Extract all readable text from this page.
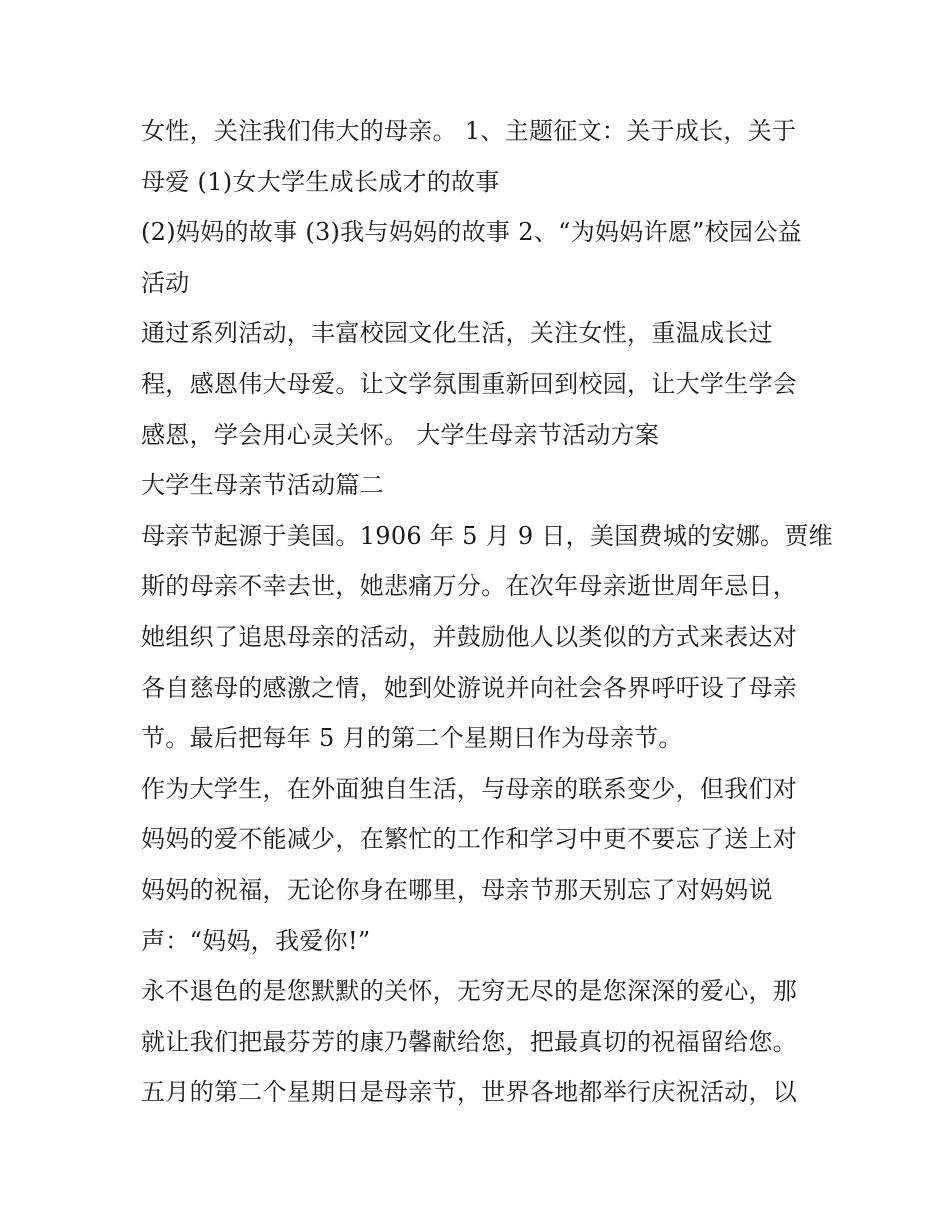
女性，关注我们伟大的母亲。 1、主题征文：关于成长，关于
母爱 (1)女大学生成长成才的故事
(2)妈妈的故事 (3)我与妈妈的故事 2、“为妈妈许愿”校园公益
活动
通过系列活动，丰富校园文化生活，关注女性，重温成长过
程，感恩伟大母爱。让文学氛围重新回到校园，让大学生学会
感恩，学会用心灵关怀。 大学生母亲节活动方案
大学生母亲节活动篇二
母亲节起源于美国。1906 年 5 月 9 日，美国费城的安娜。贾维
斯的母亲不幸去世，她悲痛万分。在次年母亲逝世周年忌日，
她组织了追思母亲的活动，并鼓励他人以类似的方式来表达对
各自慈母的感激之情，她到处游说并向社会各界呼吁设了母亲
节。最后把每年 5 月的第二个星期日作为母亲节。
作为大学生，在外面独自生活，与母亲的联系变少，但我们对
妈妈的爱不能减少，在繁忙的工作和学习中更不要忘了送上对
妈妈的祝福，无论你身在哪里，母亲节那天别忘了对妈妈说
声：“妈妈，我爱你!”
永不退色的是您默默的关怀，无穷无尽的是您深深的爱心，那
就让我们把最芬芳的康乃馨献给您，把最真切的祝福留给您。
五月的第二个星期日是母亲节，世界各地都举行庆祝活动，以
